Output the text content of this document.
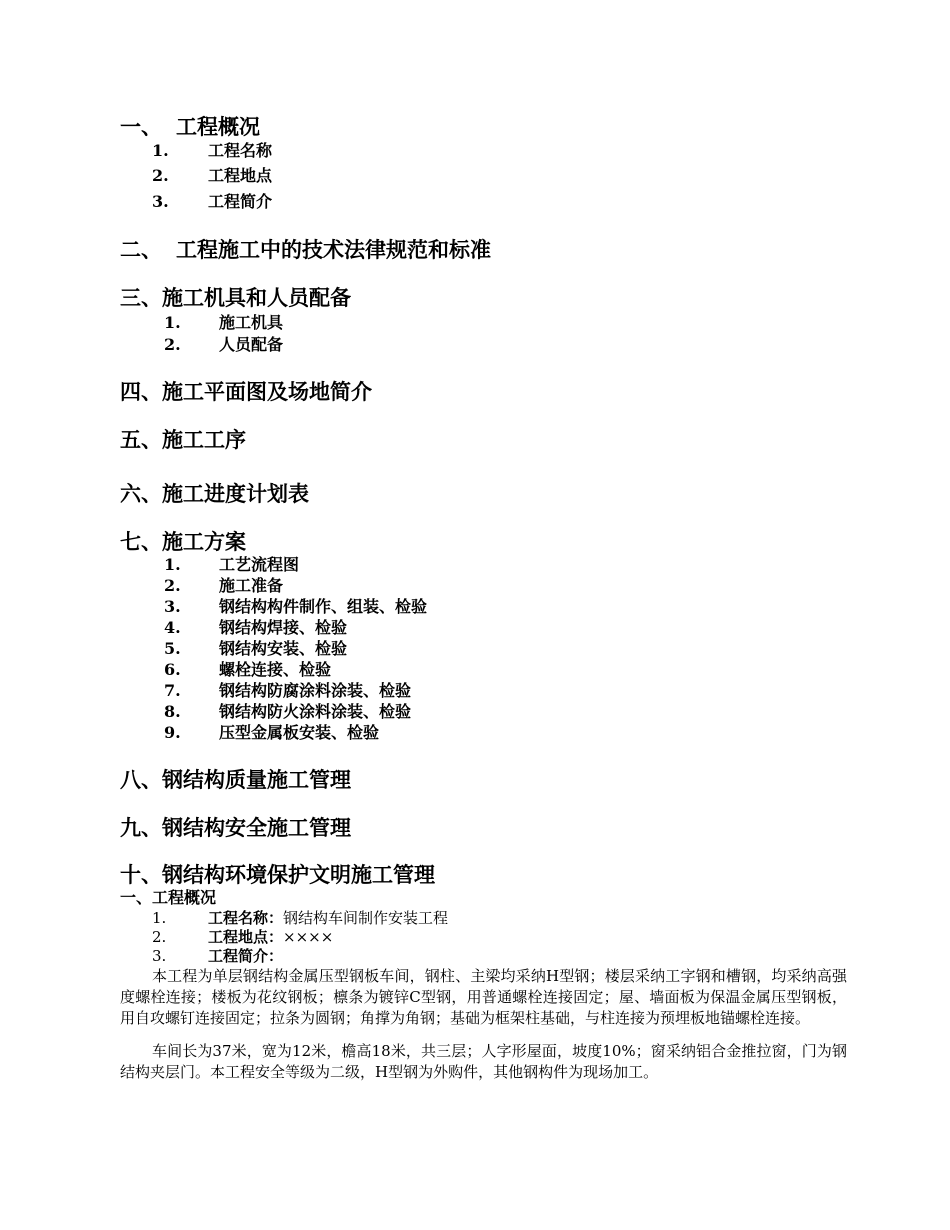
一、 工程概况
1. 工程名称
2. 工程地点
3. 工程简介
二、 工程施工中的技术法律规范和标准
三、施工机具和人员配备
1. 施工机具
2. 人员配备
四、施工平面图及场地简介
五、施工工序
六、施工进度计划表
七、施工方案
1. 工艺流程图
2. 施工准备
3. 钢结构构件制作、组装、检验
4. 钢结构焊接、检验
5. 钢结构安装、检验
6. 螺栓连接、检验
7. 钢结构防腐涂料涂装、检验
8. 钢结构防火涂料涂装、检验
9. 压型金属板安装、检验
八、钢结构质量施工管理
九、钢结构安全施工管理
十、钢结构环境保护文明施工管理
一、工程概况
1.	工程名称：钢结构车间制作安装工程
2.	工程地点：××××
3.	工程简介：
本工程为单层钢结构金属压型钢板车间，钢柱、主梁均采纳H型钢；楼层采纳工字钢和槽钢，均采纳高强度螺栓连接；楼板为花纹钢板；檩条为镀锌C型钢，用普通螺栓连接固定；屋、墙面板为保温金属压型钢板，用自攻螺钉连接固定；拉条为圆钢；角撑为角钢；基础为框架柱基础，与柱连接为预埋板地锚螺栓连接。
车间长为37米，宽为12米，檐高18米，共三层；人字形屋面，坡度10%；窗采纳铝合金推拉窗，门为钢结构夹层门。本工程安全等级为二级，H型钢为外购件，其他钢构件为现场加工。
